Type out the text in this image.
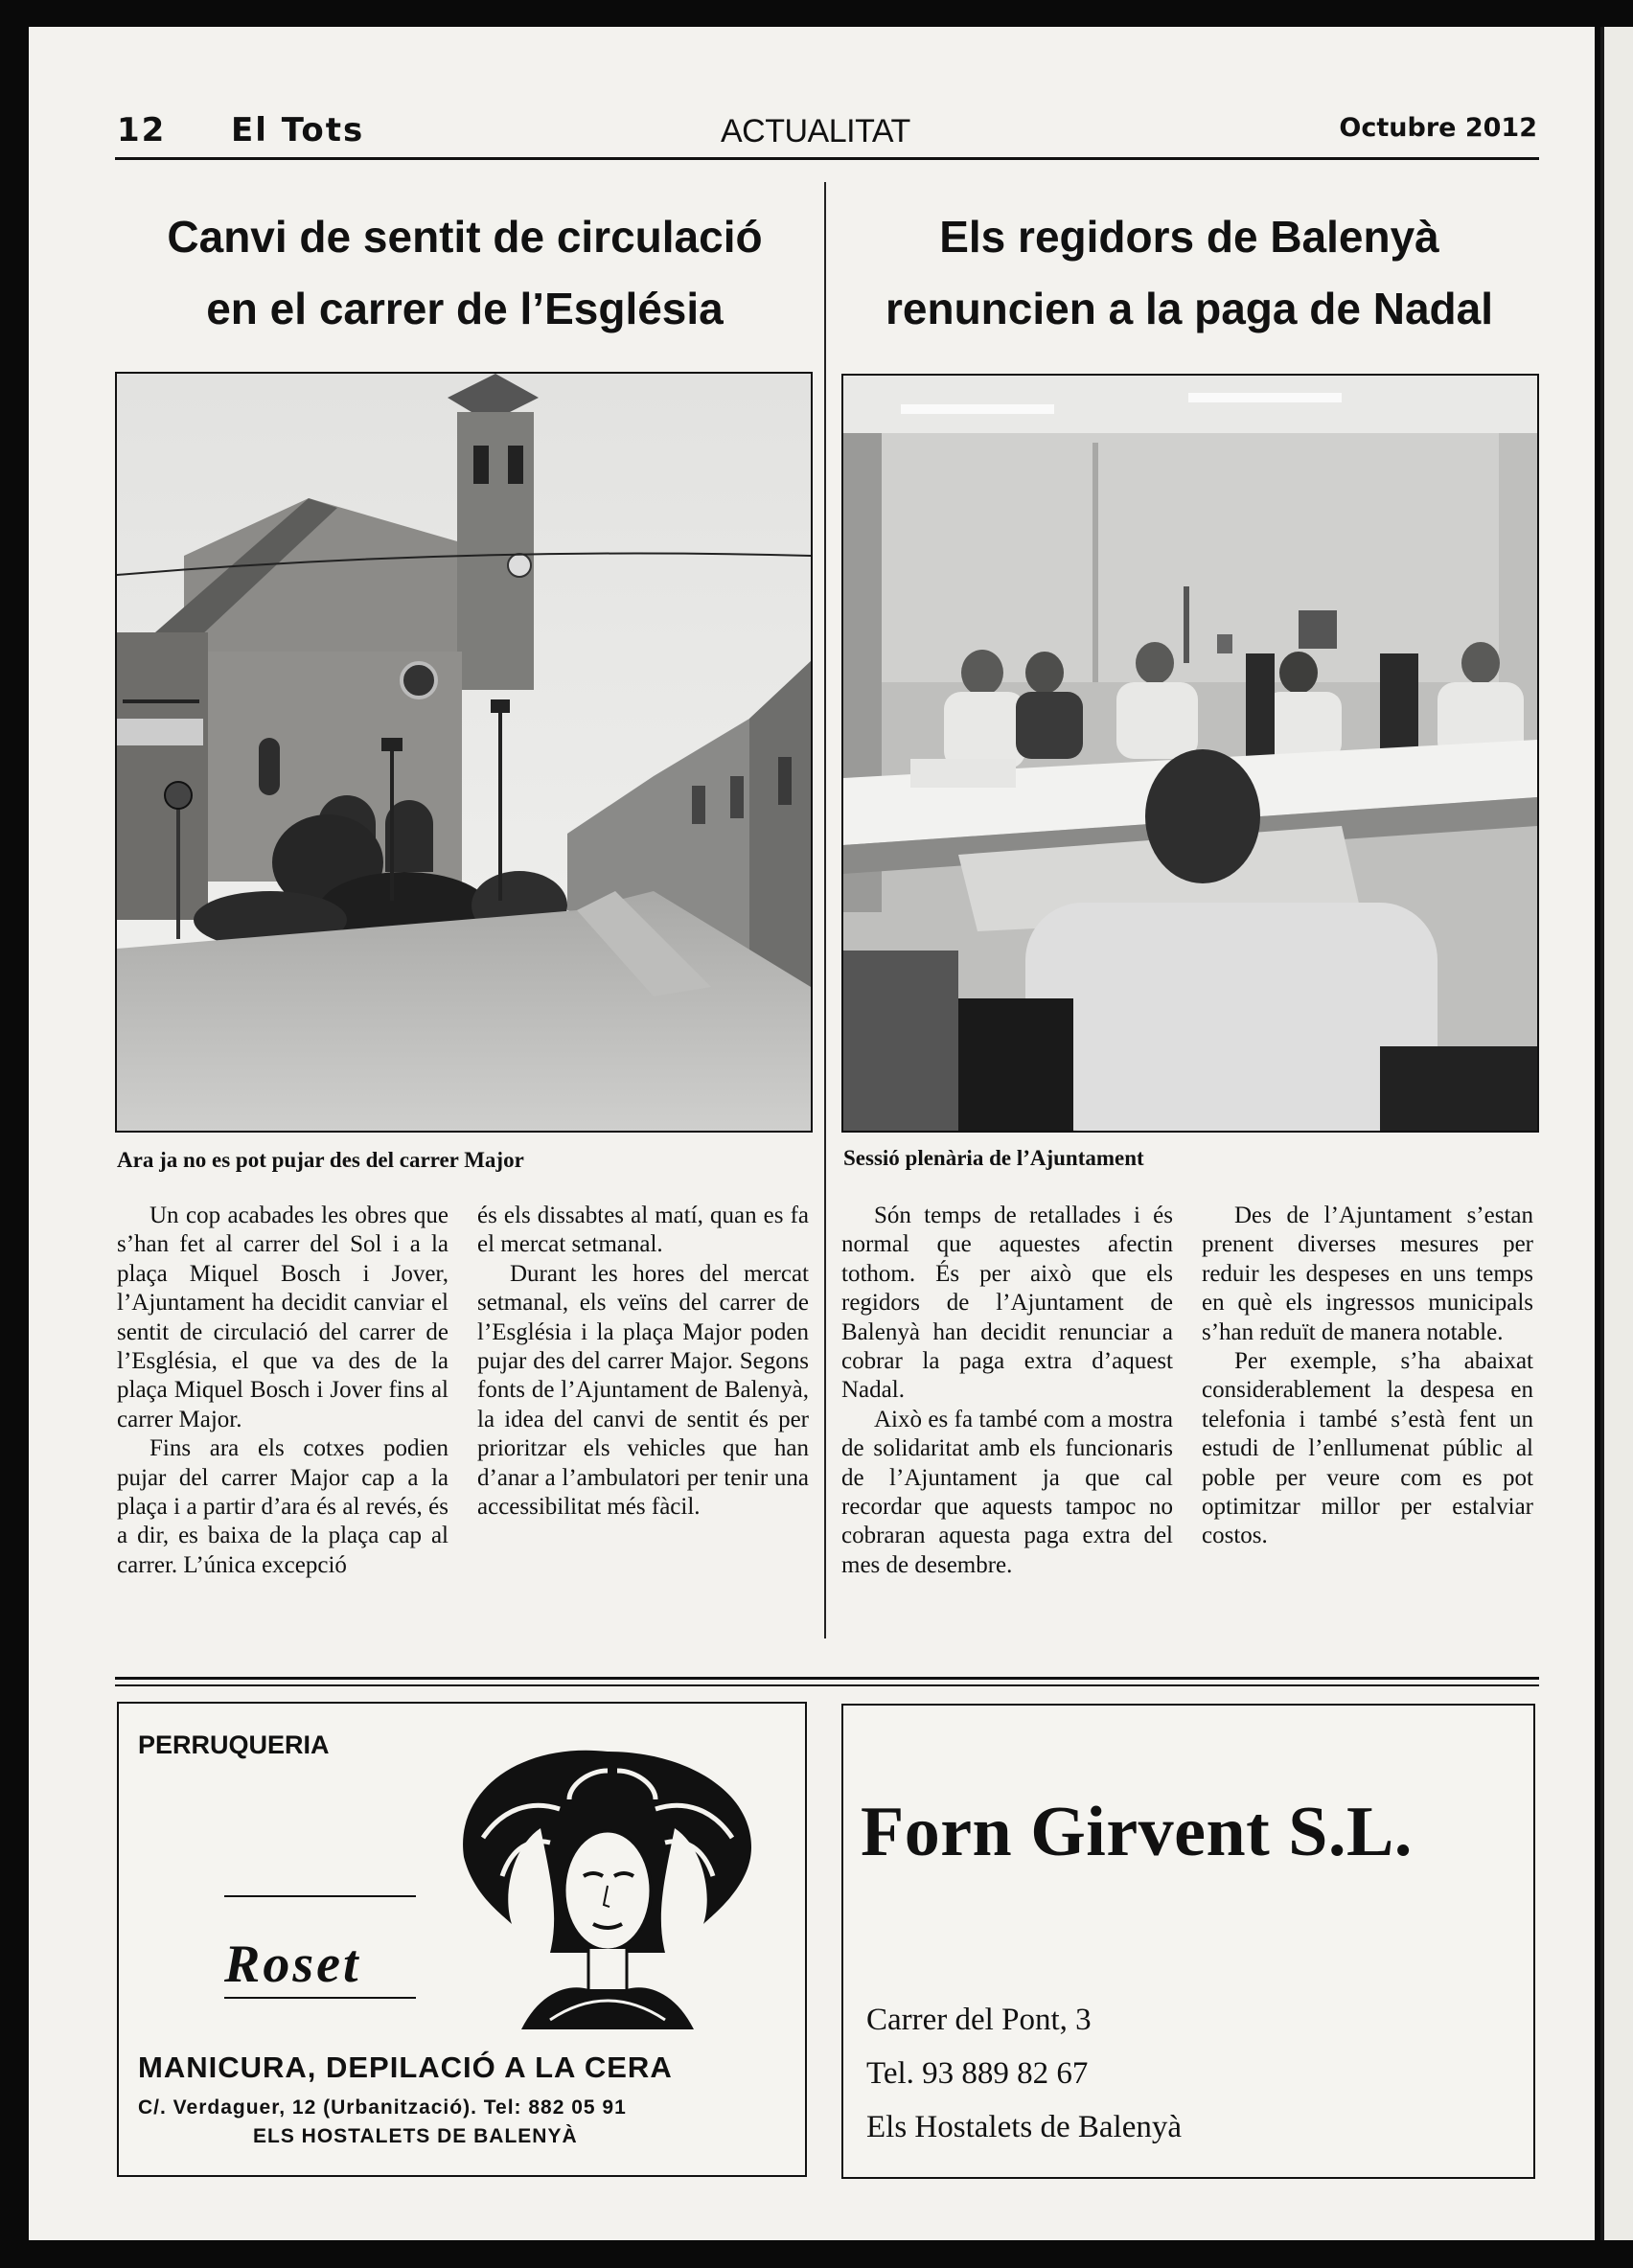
12 El Tots	ACTUALITAT	Octubre 2012
Canvi de sentit de circulació
en el carrer de l’Església
Ara ja no es pot pujar des del carrer Major

Un cop acabades les obres que s’han fet al carrer del Sol i a la plaça Miquel Bosch i Jover, l’Ajuntament ha decidit canviar el sentit de circulació del carrer de l’Església, el que va des de la plaça Miquel Bosch i Jover fins al carrer Major.

Fins ara els cotxes podien pujar del carrer Major cap a la plaça i a partir d’ara és al revés, és a dir, es baixa de la plaça cap al carrer. L’única excepció

és els dissabtes al matí, quan es fa el mercat setmanal.

Durant les hores del mercat setmanal, els veïns del carrer de l’Església i la plaça Major poden pujar des del carrer Major. Segons fonts de l’Ajuntament de Balenyà, la idea del canvi de sentit és per prioritzar els vehicles que han d’anar a l’ambulatori per tenir una accessibilitat més fàcil.

Els regidors de Balenyà
renuncien a la paga de Nadal
Sessió plenària de l’Ajuntament

Són temps de retallades i és normal que aquestes afectin tothom. És per això que els regidors de l’Ajuntament de Balenyà han decidit renunciar a cobrar la paga extra d’aquest Nadal.

Això es fa també com a mostra de solidaritat amb els funcionaris de l’Ajuntament ja que cal recordar que aquests tampoc no cobraran aquesta paga extra del mes de desembre.

Des de l’Ajuntament s’estan prenent diverses mesures per reduir les despeses en uns temps en què els ingressos municipals s’han reduït de manera notable.

Per exemple, s’ha abaixat considerablement la despesa en telefonia i també s’està fent un estudi de l’enllumenat públic al poble per veure com es pot optimitzar millor per estalviar costos.

PERRUQUERIA
Roset
MANICURA, DEPILACIÓ A LA CERA
C/. Verdaguer, 12 (Urbanització). Tel: 882 05 91
ELS HOSTALETS DE BALENYÀ
Forn Girvent S.L.
Carrer del Pont, 3
Tel. 93 889 82 67
Els Hostalets de Balenyà
